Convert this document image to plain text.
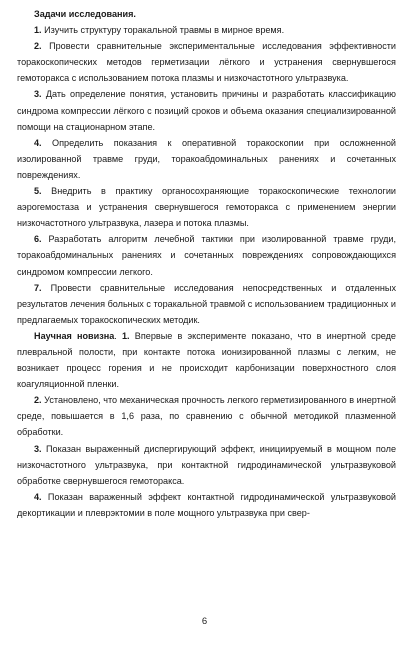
Задачи исследования.

1. Изучить структуру торакальной травмы в мирное время.

2. Провести сравнительные экспериментальные исследования эффективности торакоскопических методов герметизации лёгкого и устранения свернувшегося гемоторакса с использованием потока плазмы и низкочастотного ультразвука.

3. Дать определение понятия, установить причины и разработать классификацию синдрома компрессии лёгкого с позиций сроков и объема оказания специализированной помощи на стационарном этапе.

4. Определить показания к оперативной торакоскопии при осложненной изолированной травме груди, торакоабдоминальных ранениях и сочетанных повреждениях.

5. Внедрить в практику органосохраняющие торакоскопические технологии аэрогемостаза и устранения свернувшегося гемоторакса с применением энергии низкочастотного ультразвука, лазера и потока плазмы.

6. Разработать алгоритм лечебной тактики при изолированной травме груди, торакоабдоминальных ранениях и сочетанных повреждениях сопровождающихся синдромом компрессии легкого.

7. Провести сравнительные исследования непосредственных и отдаленных результатов лечения больных с торакальной травмой с использованием традиционных и предлагаемых торакоскопических методик.

Научная новизна. 1. Впервые в эксперименте показано, что в инертной среде плевральной полости, при контакте потока ионизированной плазмы с легким, не возникает процесс горения и не происходит карбонизации поверхностного слоя коагуляционной пленки.

2. Установлено, что механическая прочность легкого герметизированного в инертной среде, повышается в 1,6 раза, по сравнению с обычной методикой плазменной обработки.

3. Показан выраженный диспергирующий эффект, инициируемый в мощном поле низкочастотного ультразвука, при контактной гидродинамической ультразвуковой обработке свернувшегося гемоторакса.

4. Показан вараженный эффект контактной гидродинамической ультразвуковой декортикации и плеврэктомии в поле мощного ультразвука при свер-

6
